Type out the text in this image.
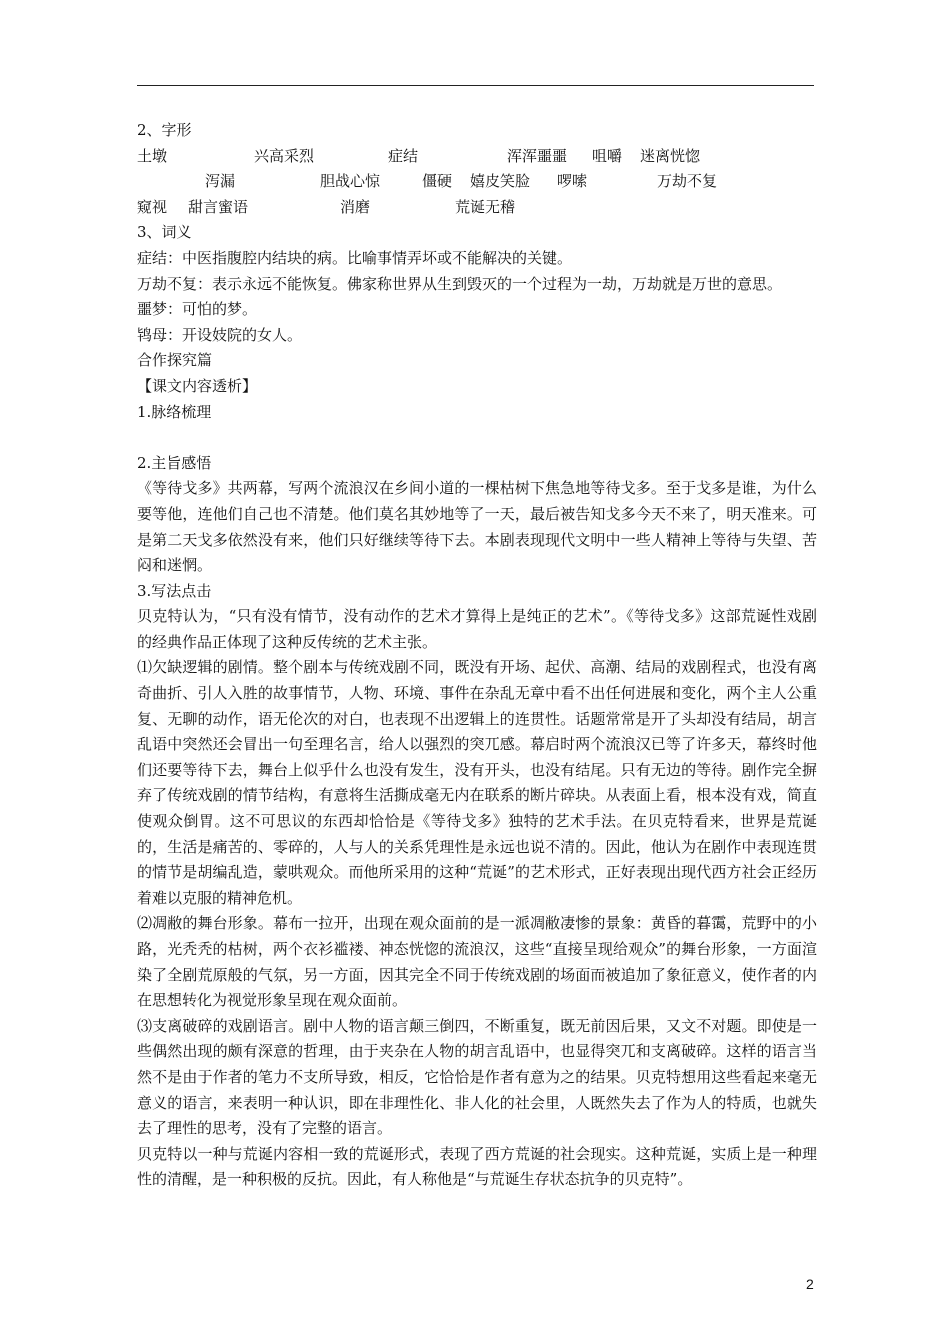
2、字形

土墩	兴高采烈	症结	浑浑噩噩 咀嚼 迷离恍惚
泻漏	胆战心惊	僵硬 嬉皮笑脸 啰嗦	万劫不复
窥视 甜言蜜语	消磨	荒诞无稽

3、词义

症结：中医指腹腔内结块的病。比喻事情弄坏或不能解决的关键。

万劫不复：表示永远不能恢复。佛家称世界从生到毁灭的一个过程为一劫，万劫就是万世的意思。

噩梦：可怕的梦。

鸨母：开设妓院的女人。

合作探究篇

【课文内容透析】

1.脉络梳理

2.主旨感悟

《等待戈多》共两幕，写两个流浪汉在乡间小道的一棵枯树下焦急地等待戈多。至于戈多是谁，为什么要等他，连他们自己也不清楚。他们莫名其妙地等了一天，最后被告知戈多今天不来了，明天准来。可是第二天戈多依然没有来，他们只好继续等待下去。本剧表现现代文明中一些人精神上等待与失望、苦闷和迷惘。

3.写法点击

贝克特认为，“只有没有情节，没有动作的艺术才算得上是纯正的艺术”。《等待戈多》这部荒诞性戏剧的经典作品正体现了这种反传统的艺术主张。

⑴欠缺逻辑的剧情。整个剧本与传统戏剧不同，既没有开场、起伏、高潮、结局的戏剧程式，也没有离奇曲折、引人入胜的故事情节，人物、环境、事件在杂乱无章中看不出任何进展和变化，两个主人公重复、无聊的动作，语无伦次的对白，也表现不出逻辑上的连贯性。话题常常是开了头却没有结局，胡言乱语中突然还会冒出一句至理名言，给人以强烈的突兀感。幕启时两个流浪汉已等了许多天，幕终时他们还要等待下去，舞台上似乎什么也没有发生，没有开头，也没有结尾。只有无边的等待。剧作完全摒弃了传统戏剧的情节结构，有意将生活撕成毫无内在联系的断片碎块。从表面上看，根本没有戏，简直使观众倒胃。这不可思议的东西却恰恰是《等待戈多》独特的艺术手法。在贝克特看来，世界是荒诞的，生活是痛苦的、零碎的，人与人的关系凭理性是永远也说不清的。因此，他认为在剧作中表现连贯的情节是胡编乱造，蒙哄观众。而他所采用的这种“荒诞”的艺术形式，正好表现出现代西方社会正经历着难以克服的精神危机。

⑵凋敝的舞台形象。幕布一拉开，出现在观众面前的是一派凋敝凄惨的景象：黄昏的暮霭，荒野中的小路，光秃秃的枯树，两个衣衫褴褛、神态恍惚的流浪汉，这些“直接呈现给观众”的舞台形象，一方面渲染了全剧荒原般的气氛，另一方面，因其完全不同于传统戏剧的场面而被追加了象征意义，使作者的内在思想转化为视觉形象呈现在观众面前。

⑶支离破碎的戏剧语言。剧中人物的语言颠三倒四，不断重复，既无前因后果，又文不对题。即使是一些偶然出现的颇有深意的哲理，由于夹杂在人物的胡言乱语中，也显得突兀和支离破碎。这样的语言当然不是由于作者的笔力不支所导致，相反，它恰恰是作者有意为之的结果。贝克特想用这些看起来毫无意义的语言，来表明一种认识，即在非理性化、非人化的社会里，人既然失去了作为人的特质，也就失去了理性的思考，没有了完整的语言。

贝克特以一种与荒诞内容相一致的荒诞形式，表现了西方荒诞的社会现实。这种荒诞，实质上是一种理性的清醒，是一种积极的反抗。因此，有人称他是“与荒诞生存状态抗争的贝克特”。

2
